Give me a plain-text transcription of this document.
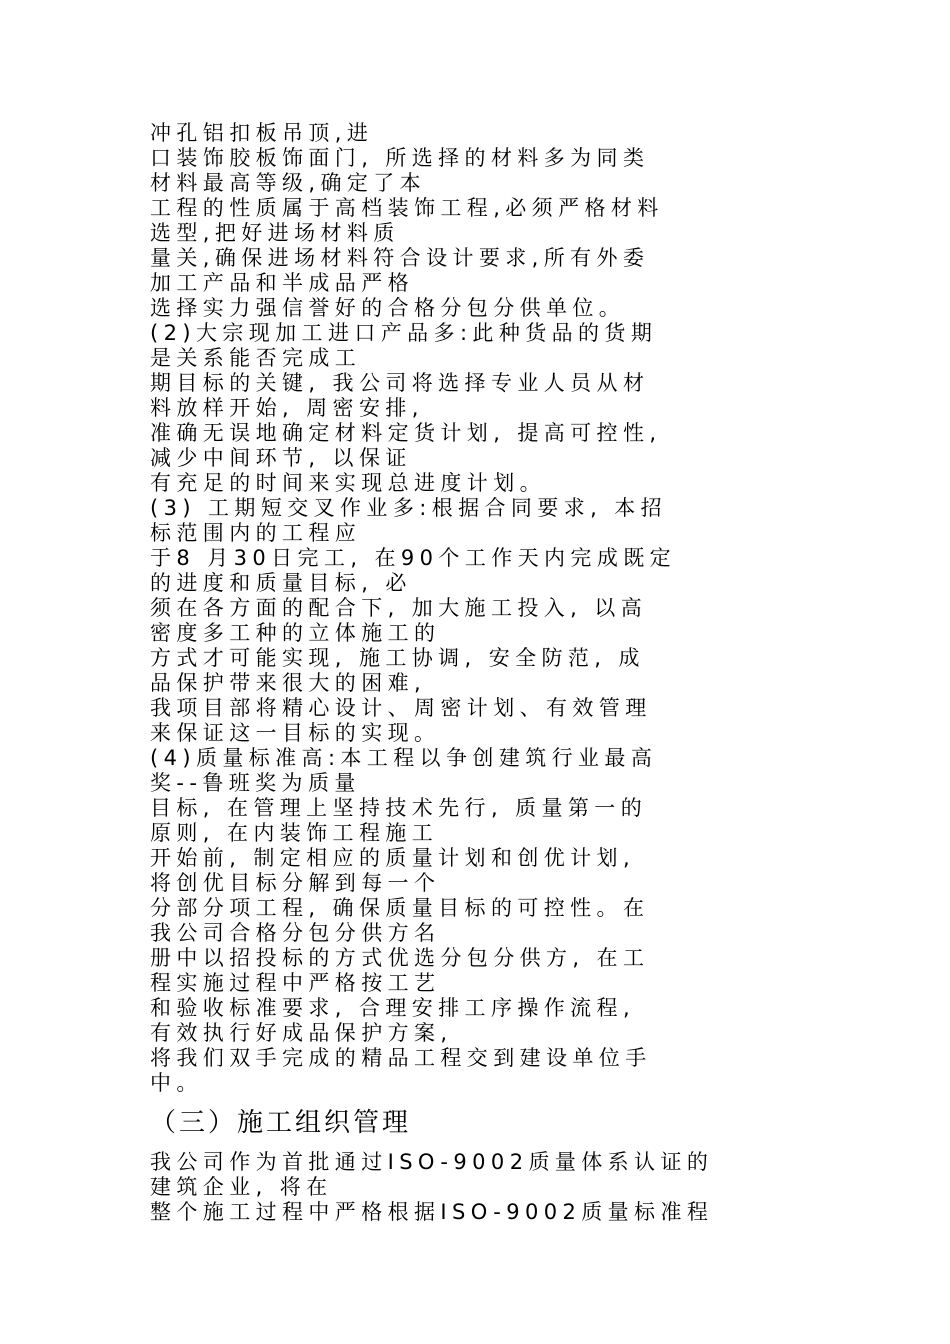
冲孔铝扣板吊顶,进
口装饰胶板饰面门, 所选择的材料多为同类
材料最高等级,确定了本
工程的性质属于高档装饰工程,必须严格材料
选型,把好进场材料质
量关,确保进场材料符合设计要求,所有外委
加工产品和半成品严格
选择实力强信誉好的合格分包分供单位。
(2)大宗现加工进口产品多:此种货品的货期
是关系能否完成工
期目标的关键, 我公司将选择专业人员从材
料放样开始, 周密安排,
准确无误地确定材料定货计划, 提高可控性,
减少中间环节, 以保证
有充足的时间来实现总进度计划。
(3) 工期短交叉作业多:根据合同要求, 本招
标范围内的工程应
于8 月30日完工, 在90个工作天内完成既定
的进度和质量目标, 必
须在各方面的配合下, 加大施工投入, 以高
密度多工种的立体施工的
方式才可能实现, 施工协调, 安全防范, 成
品保护带来很大的困难,
我项目部将精心设计、周密计划、有效管理
来保证这一目标的实现。
(4)质量标准高:本工程以争创建筑行业最高
奖--鲁班奖为质量
目标, 在管理上坚持技术先行, 质量第一的
原则, 在内装饰工程施工
开始前, 制定相应的质量计划和创优计划,
将创优目标分解到每一个
分部分项工程, 确保质量目标的可控性。在
我公司合格分包分供方名
册中以招投标的方式优选分包分供方, 在工
程实施过程中严格按工艺
和验收标准要求, 合理安排工序操作流程,
有效执行好成品保护方案,
将我们双手完成的精品工程交到建设单位手
中。
（三）施工组织管理
我公司作为首批通过ISO-9002质量体系认证的
建筑企业, 将在
整个施工过程中严格根据ISO-9002质量标准程
